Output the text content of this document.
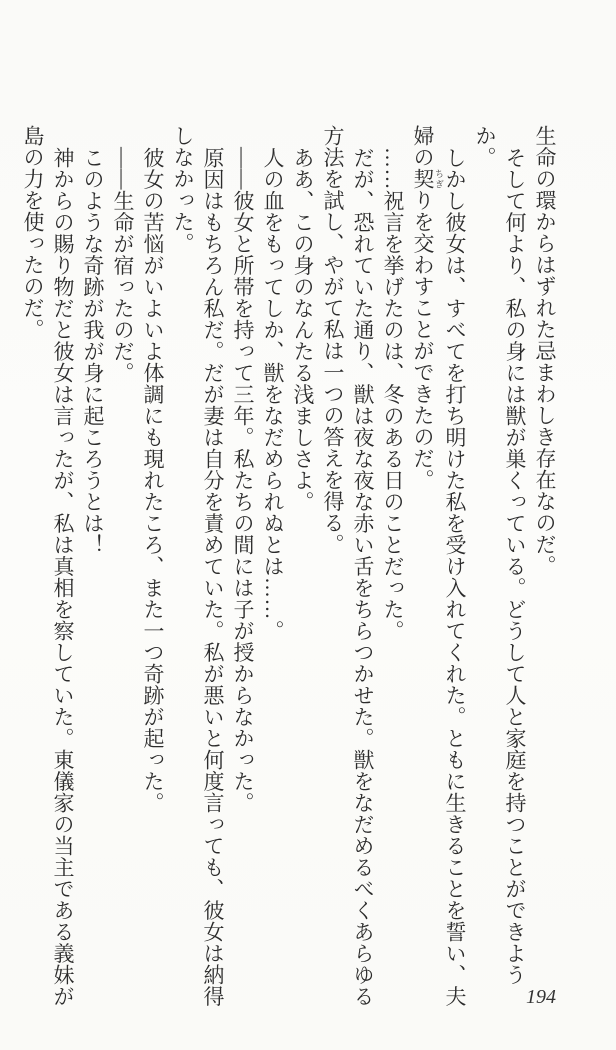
生命の環からはずれた忌まわしき存在なのだ。

そして何より、私の身には獣が巣くっている。どうして人と家庭を持つことができようか。

しかし彼女は、すべてを打ち明けた私を受け入れてくれた。ともに生きることを誓い、夫婦の契 ちぎりを交わすことができたのだ。

……祝言を挙げたのは、冬のある日のことだった。

だが、恐れていた通り、獣は夜な夜な赤い舌をちらつかせた。獣をなだめるべくあらゆる方法を試し、やがて私は一つの答えを得る。

ああ、この身のなんたる浅ましさよ。

人の血をもってしか、獣をなだめられぬとは……。

――彼女と所帯を持って三年。私たちの間には子が授からなかった。

原因はもちろん私だ。だが妻は自分を責めていた。私が悪いと何度言っても、彼女は納得しなかった。

彼女の苦悩がいよいよ体調にも現れたころ、また一つ奇跡が起った。

――生命が宿ったのだ。

このような奇跡が我が身に起ころうとは！

神からの賜り物だと彼女は言ったが、私は真相を察していた。東儀家の当主である義妹が島の力を使ったのだ。

194
